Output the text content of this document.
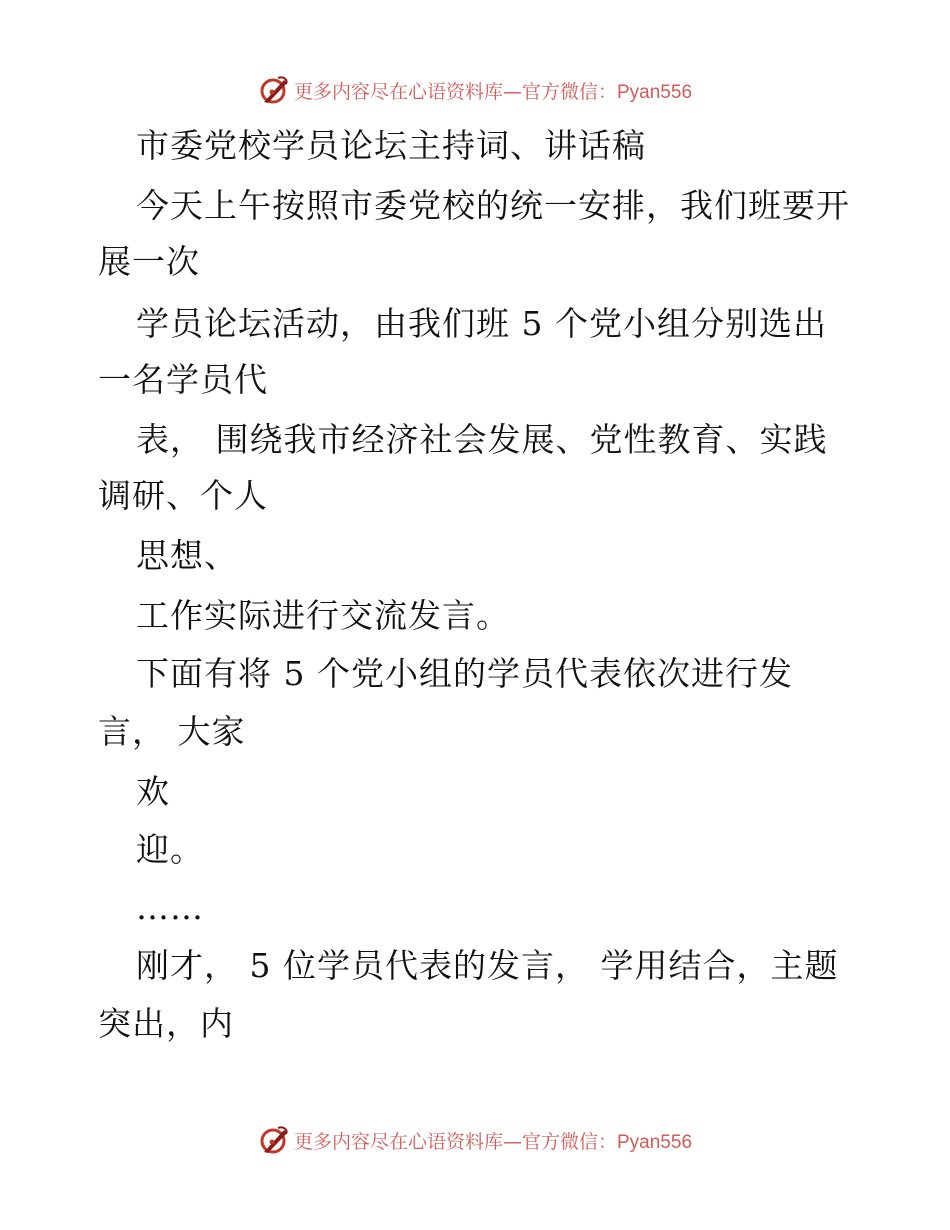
更多内容尽在心语资料库—官方微信：Pyan556
市委党校学员论坛主持词、讲话稿
今天上午按照市委党校的统一安排，我们班要开
展一次
学员论坛活动，由我们班 5 个党小组分别选出
一名学员代
表， 围绕我市经济社会发展、党性教育、实践
调研、个人
思想、
工作实际进行交流发言。
下面有将 5 个党小组的学员代表依次进行发
言， 大家
欢
迎。
……
刚才， 5 位学员代表的发言， 学用结合，主题
突出，内
更多内容尽在心语资料库—官方微信：Pyan556
